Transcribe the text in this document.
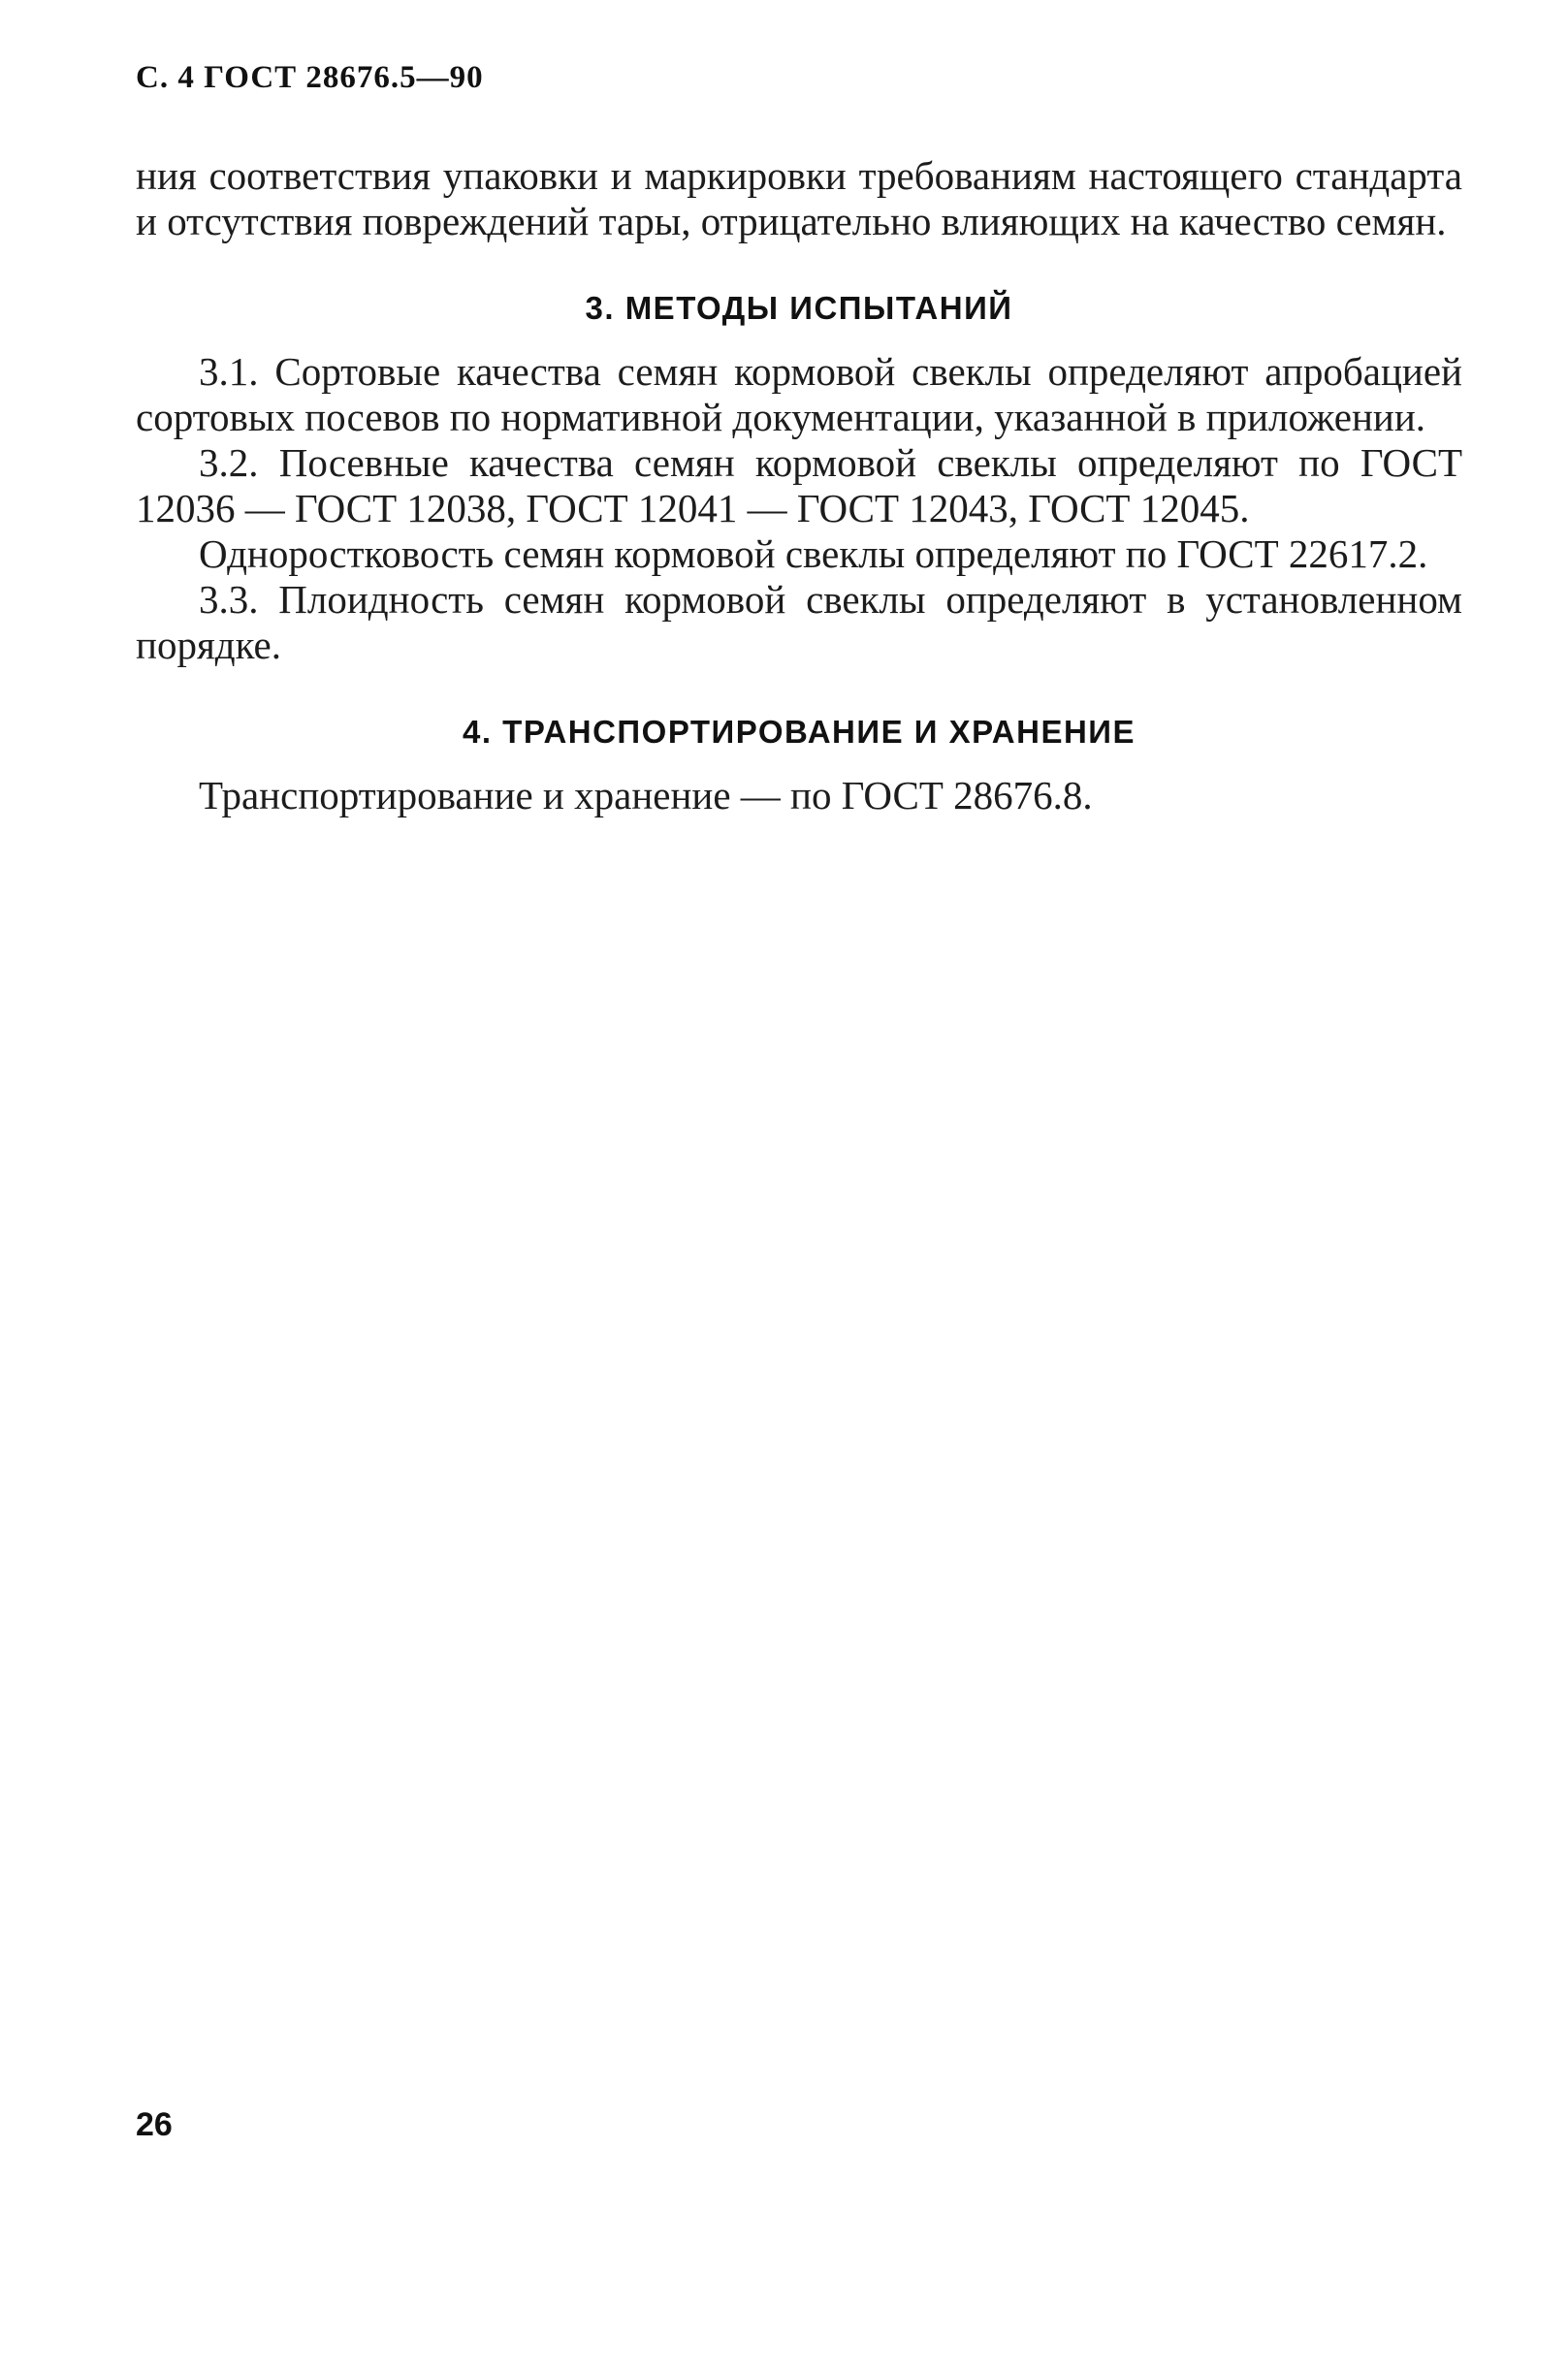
С. 4 ГОСТ 28676.5—90

ния соответствия упаковки и маркировки требованиям настоящего стандарта и отсутствия повреждений тары, отрицательно влияющих на качество семян.

3. МЕТОДЫ ИСПЫТАНИЙ

3.1. Сортовые качества семян кормовой свеклы определяют апробацией сортовых посевов по нормативной документации, указанной в приложении.

3.2. Посевные качества семян кормовой свеклы определяют по ГОСТ 12036 — ГОСТ 12038, ГОСТ 12041 — ГОСТ 12043, ГОСТ 12045.

Одноростковость семян кормовой свеклы определяют по ГОСТ 22617.2.

3.3. Плоидность семян кормовой свеклы определяют в установленном порядке.

4. ТРАНСПОРТИРОВАНИЕ И ХРАНЕНИЕ

Транспортирование и хранение — по ГОСТ 28676.8.

26
